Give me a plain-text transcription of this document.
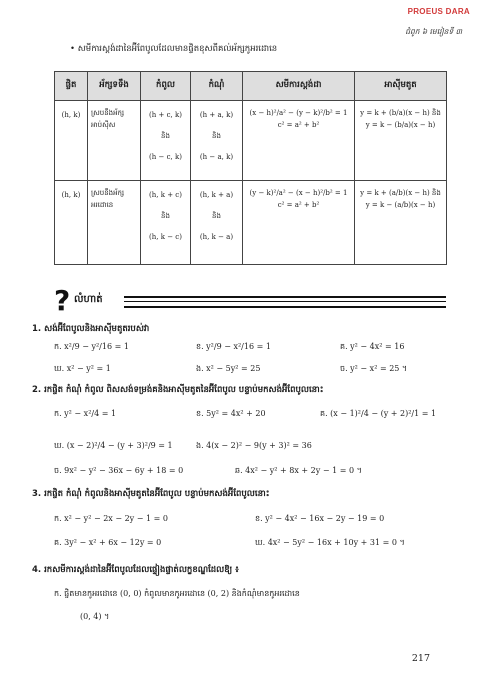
PROEUS DARA
ជំពូក ៦ មេរៀនទី ៣
• សមីការស្តង់ដានៃអ៊ីពែបូលដែលមានផ្ចិតខុសពីគល់អ័ក្សកូអរដោនេ
ផ្ចិត	អ័ក្សទទឹង	កំពូល	កំណុំ	សមីការស្តង់ដា	អាស៊ីមតូត
(h, k)	ស្របនឹងអ័ក្ស អាប់ស៊ីស	(h + c, k)
និង
(h − c, k)	(h + a, k)
និង
(h − a, k)	(x − h)²/a² − (y − k)²/b² = 1
c² = a² + b²	y = k + (b/a)(x − h) និង
y = k − (b/a)(x − h)

(h, k)	ស្របនឹងអ័ក្ស អរដោនេ	(h, k + c)
និង
(h, k − c)	(h, k + a)
និង
(h, k − a)	(y − k)²/a² − (x − h)²/b² = 1
c² = a² + b²	y = k + (a/b)(x − h) និង
y = k − (a/b)(x − h)
? លំហាត់
1. សង់អ៊ីពែបូលនិងអាស៊ីមតូតរបស់វា
ក. x²/9 − y²/16 = 1	ខ. y²/9 − x²/16 = 1	គ. y² − 4x² = 16
ឃ. x² − y² = 1	ង. x² − 5y² = 25	ច. y² − x² = 25 ។
2. រកផ្ចិត កំណុំ កំពូល ពិសសង់ទម្រង់គនិងអាស៊ីមតូតនៃអ៊ីពែបូល បន្ទាប់មកសង់អ៊ីពែបូលនោះ
ក. y² − x²/4 = 1	ខ. 5y² = 4x² + 20	គ. (x − 1)²/4 − (y + 2)²/1 = 1
ឃ. (x − 2)²/4 − (y + 3)²/9 = 1	ង. 4(x − 2)² − 9(y + 3)² = 36
ច. 9x² − y² − 36x − 6y + 18 = 0	ឆ. 4x² − y² + 8x + 2y − 1 = 0 ។
3. រកផ្ចិត កំណុំ កំពូលនិងអាស៊ីមតូតនៃអ៊ីពែបូល បន្ទាប់មកសង់អ៊ីពែបូលនោះ
ក. x² − y² − 2x − 2y − 1 = 0	ខ. y² − 4x² − 16x − 2y − 19 = 0
គ. 3y² − x² + 6x − 12y = 0	ឃ. 4x² − 5y² − 16x + 10y + 31 = 0 ។
4. រកសមីការស្តង់ដានៃអ៊ីពែបូលដែលផ្ទៀងផ្ទាត់លក្ខខណ្ឌដែលឱ្យ ៖
ក. ផ្ចិតមានកូអរដោនេ (0, 0) កំពូលមានកូអរដោនេ (0, 2) និងកំណុំមានកូអរដោនេ
(0, 4) ។
217
